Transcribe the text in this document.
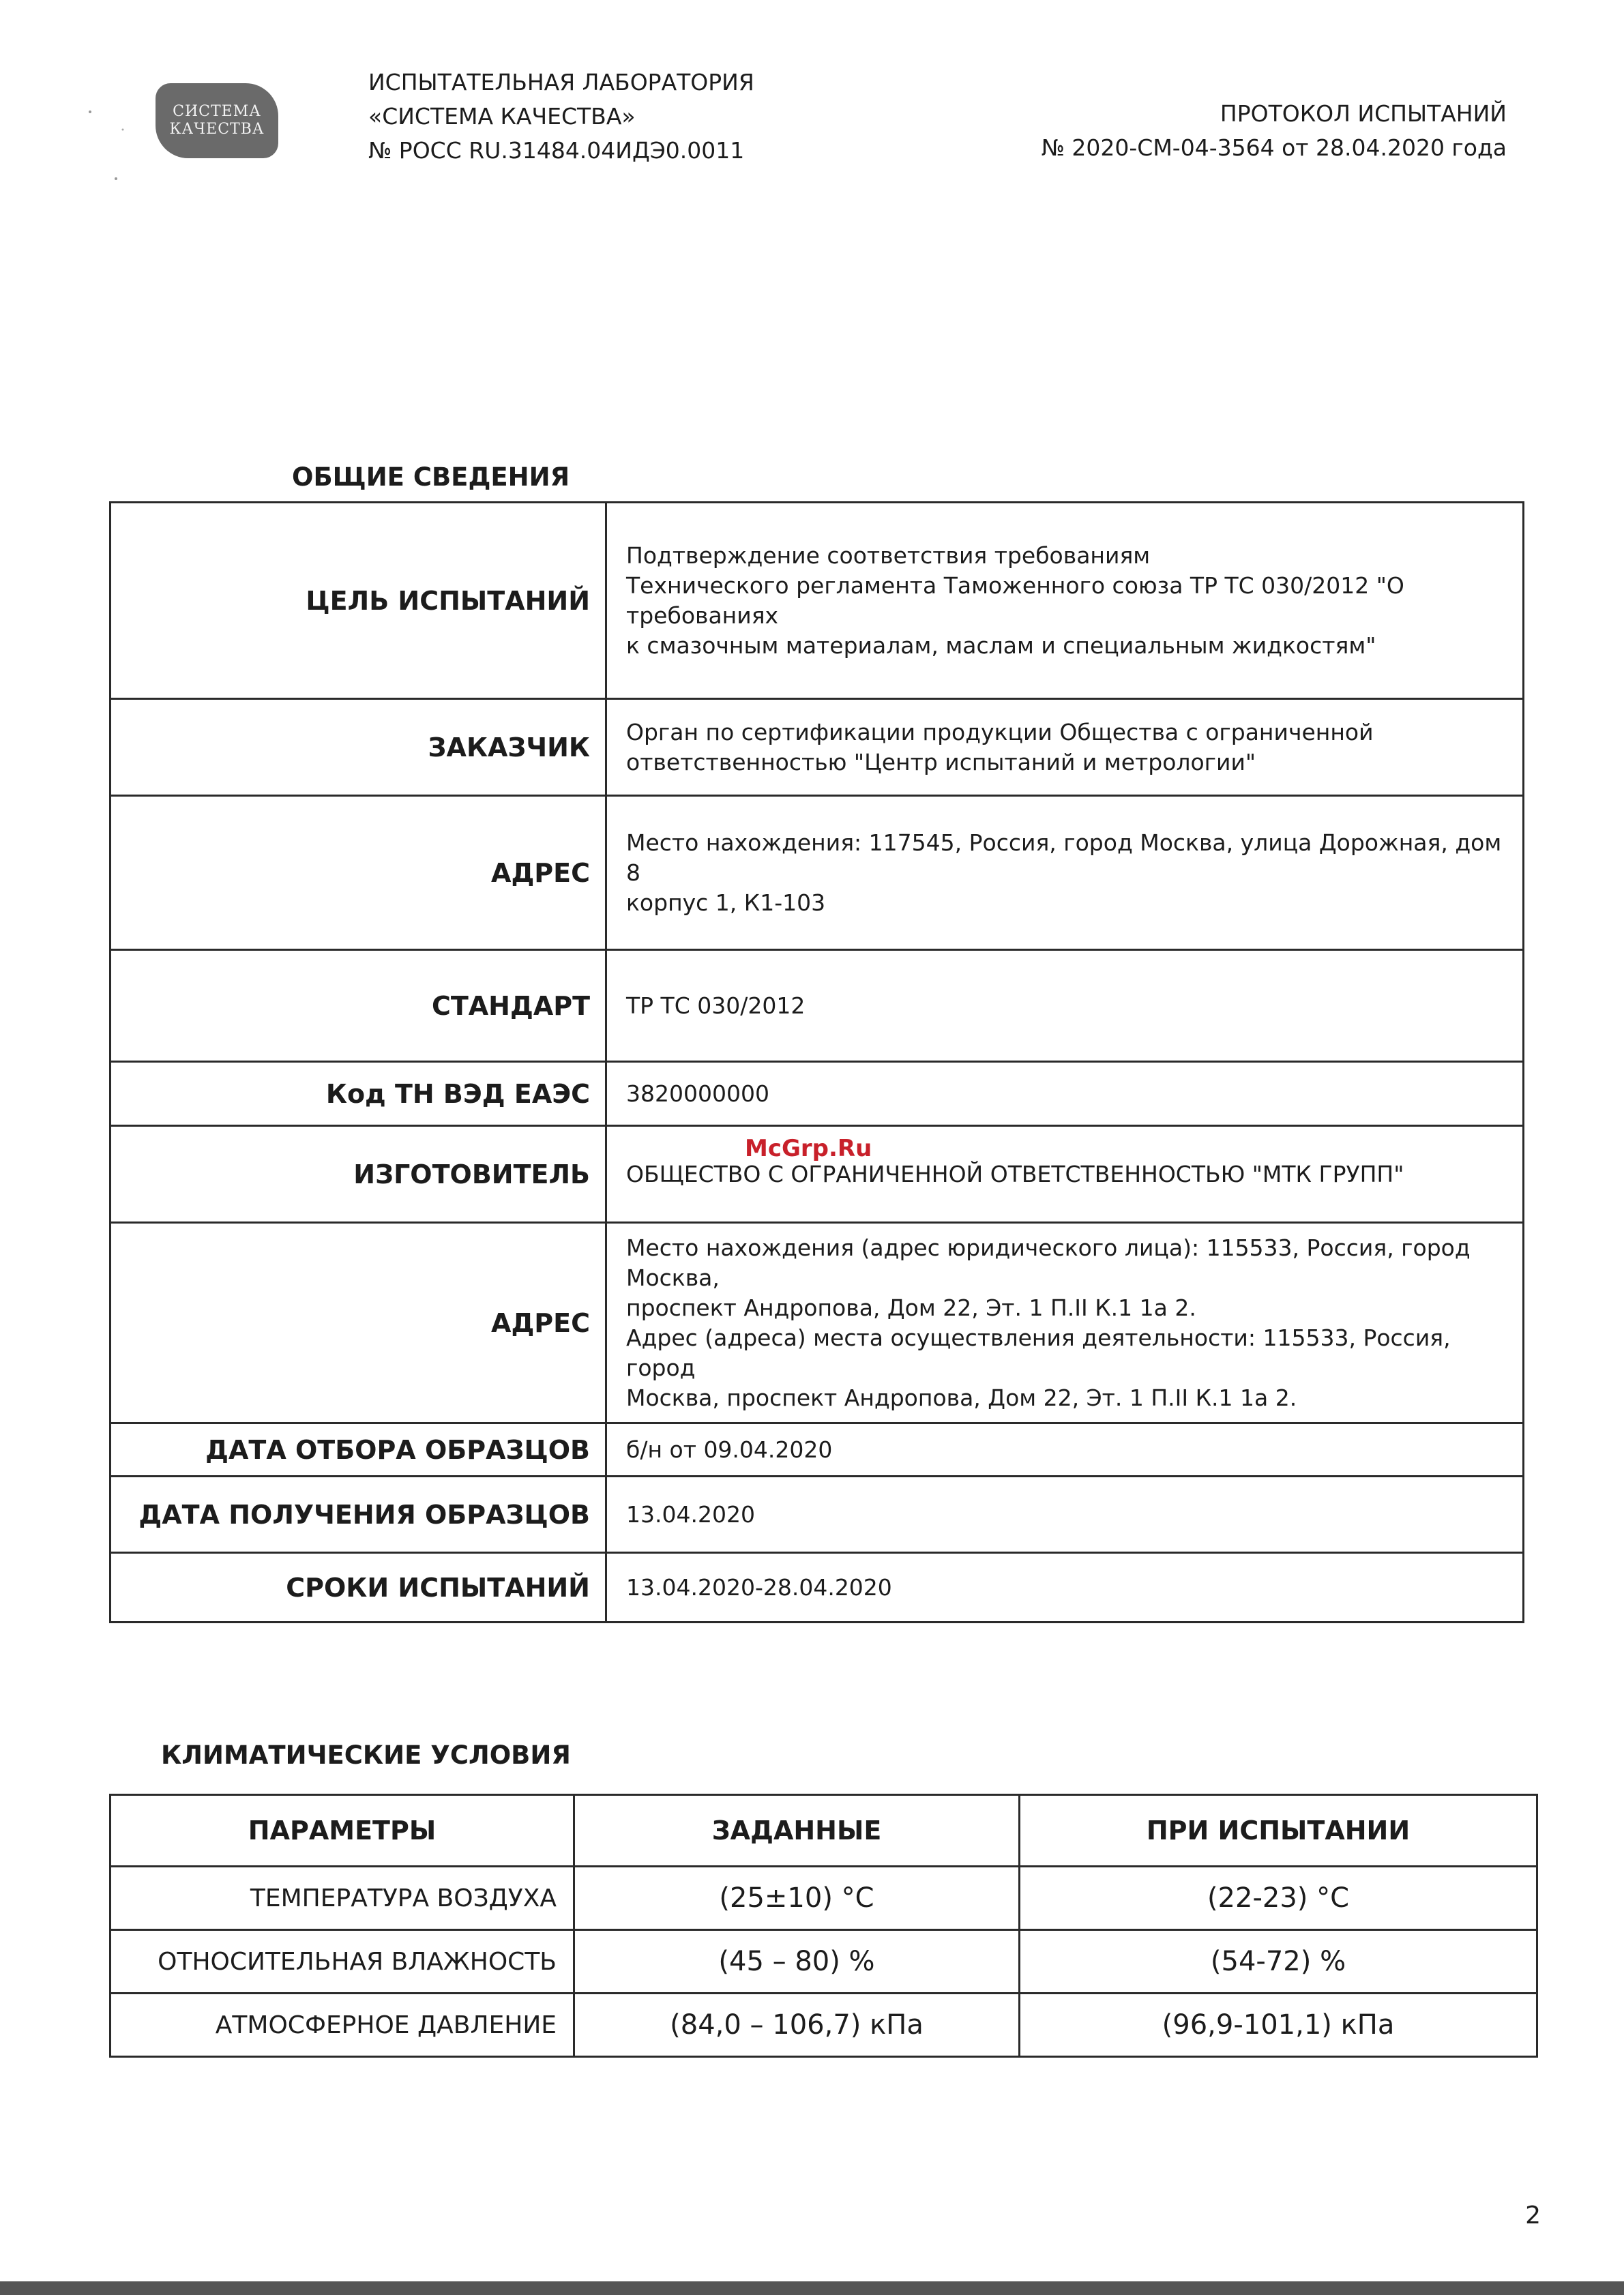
СИСТЕМА
КАЧЕСТВА
ИСПЫТАТЕЛЬНАЯ ЛАБОРАТОРИЯ
«СИСТЕМА КАЧЕСТВА»
№ РОСС RU.31484.04ИДЭ0.0011
ПРОТОКОЛ ИСПЫТАНИЙ
№ 2020-СМ-04-3564 от 28.04.2020 года
ОБЩИЕ СВЕДЕНИЯ
ЦЕЛЬ ИСПЫТАНИЙ	Подтверждение соответствия требованиям
Технического регламента Таможенного союза ТР ТС 030/2012 "О требованиях
к смазочным материалам, маслам и специальным жидкостям"

ЗАКАЗЧИК	Орган по сертификации продукции Общества с ограниченной
ответственностью "Центр испытаний и метрологии"

АДРЕС	Место нахождения: 117545, Россия, город Москва, улица Дорожная, дом 8
корпус 1, К1-103

СТАНДАРТ	ТР ТС 030/2012

Код ТН ВЭД ЕАЭС	3820000000

ИЗГОТОВИТЕЛЬ	ОБЩЕСТВО С ОГРАНИЧЕННОЙ ОТВЕТСТВЕННОСТЬЮ "МТК ГРУПП"

АДРЕС	Место нахождения (адрес юридического лица): 115533, Россия, город Москва,
проспект Андропова, Дом 22, Эт. 1 П.II К.1 1а 2.
Адрес (адреса) места осуществления деятельности: 115533, Россия, город
Москва, проспект Андропова, Дом 22, Эт. 1 П.II К.1 1а 2.

ДАТА ОТБОРА ОБРАЗЦОВ	б/н от 09.04.2020

ДАТА ПОЛУЧЕНИЯ ОБРАЗЦОВ	13.04.2020

СРОКИ ИСПЫТАНИЙ	13.04.2020-28.04.2020
McGrp.Ru
КЛИМАТИЧЕСКИЕ УСЛОВИЯ
ПАРАМЕТРЫ	ЗАДАННЫЕ	ПРИ ИСПЫТАНИИ
ТЕМПЕРАТУРА ВОЗДУХА	(25±10) °С	(22-23) °С
ОТНОСИТЕЛЬНАЯ ВЛАЖНОСТЬ	(45 – 80) %	(54-72) %
АТМОСФЕРНОЕ ДАВЛЕНИЕ	(84,0 – 106,7) кПа	(96,9-101,1) кПа
2
